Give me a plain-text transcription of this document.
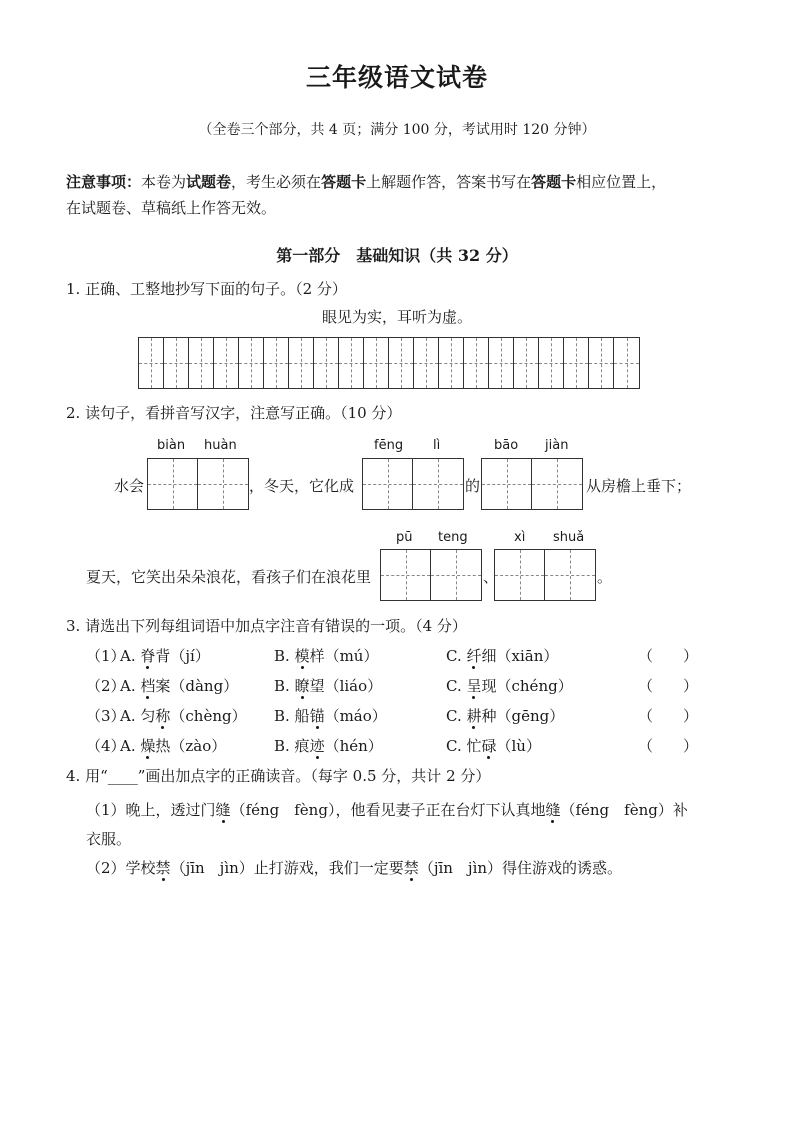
三年级语文试卷
（全卷三个部分，共 4 页；满分 100 分，考试用时 120 分钟）
注意事项：本卷为试题卷，考生必须在答题卡上解题作答，答案书写在答题卡相应位置上，
在试题卷、草稿纸上作答无效。
第一部分　基础知识（共 32 分）
1. 正确、工整地抄写下面的句子。（2 分）
眼见为实，耳听为虚。
2. 读句子，看拼音写汉字，注意写正确。（10 分）
biàn huàn	fēng lì	bāo jiàn
水会	，冬天，它化成	的	从房檐上垂下；
pū teng	xì shuǎ
夏天，它笑出朵朵浪花，看孩子们在浪花里	、	。
3. 请选出下列每组词语中加点字注音有错误的一项。（4 分）
（1）
A. 脊背（jí）	B. 模样（mú）	C. 纤细（xiān）	（　　）
（2）
A. 档案（dàng） B. 瞭望（liáo）	C. 呈现（chéng）	（　　）
（3）
A. 匀称（chèng） B. 船锚（máo）	C. 耕种（gēng）	（　　）
（4）
A. 燥热（zào）	B. 痕迹（hén）	C. 忙碌（lù）	（　　）
4. 用“____”画出加点字的正确读音。（每字 0.5 分，共计 2 分）
（1）晚上，透过门缝（féng　fèng），他看见妻子正在台灯下认真地缝（féng　fèng）补
衣服。
（2）学校禁（jīn　jìn）止打游戏，我们一定要禁（jīn　jìn）得住游戏的诱惑。
